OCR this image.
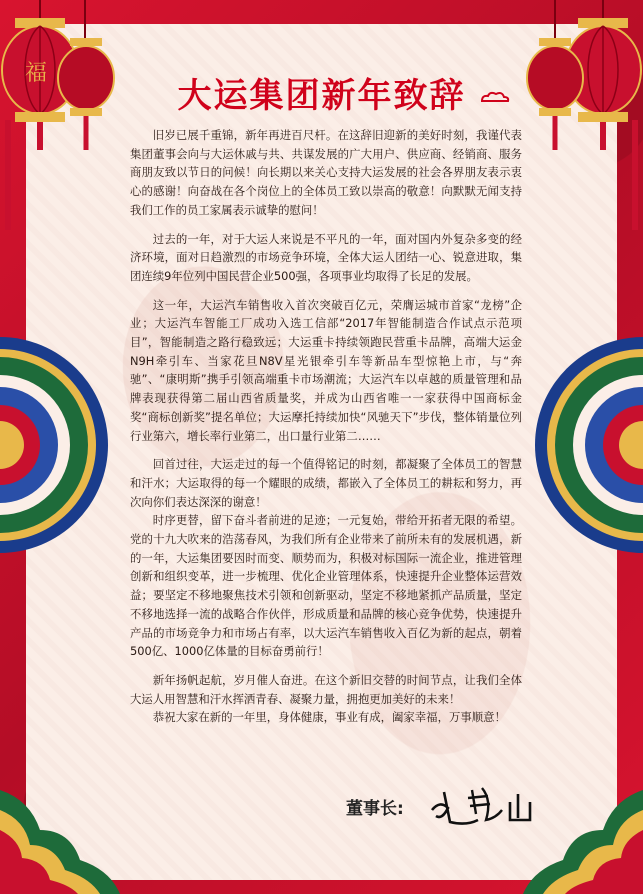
福
大运集团新年致辞

旧岁已展千重锦，新年再进百尺杆。在这辞旧迎新的美好时刻，我谨代表集团董事会向与大运休戚与共、共谋发展的广大用户、供应商、经销商、服务商朋友致以节日的问候！向长期以来关心支持大运发展的社会各界朋友表示衷心的感谢！向奋战在各个岗位上的全体员工致以崇高的敬意！向默默无闻支持我们工作的员工家属表示诚挚的慰问！

过去的一年，对于大运人来说是不平凡的一年，面对国内外复杂多变的经济环境，面对日趋激烈的市场竞争环境，全体大运人团结一心、锐意进取，集团连续9年位列中国民营企业500强，各项事业均取得了长足的发展。

这一年，大运汽车销售收入首次突破百亿元，荣膺运城市首家“龙榜”企业；大运汽车智能工厂成功入选工信部“2017年智能制造合作试点示范项目”，智能制造之路行稳致远；大运重卡持续领跑民营重卡品牌，高端大运金N9H牵引车、当家花旦N8V星光银牵引车等新品车型惊艳上市，与“奔驰”、“康明斯”携手引领高端重卡市场潮流；大运汽车以卓越的质量管理和品牌表现获得第二届山西省质量奖，并成为山西省唯一一家获得中国商标金奖“商标创新奖”提名单位；大运摩托持续加快“风驰天下”步伐，整体销量位列行业第六，增长率行业第二，出口量行业第二……

回首过往，大运走过的每一个值得铭记的时刻，都凝聚了全体员工的智慧和汗水；大运取得的每一个耀眼的成绩，都嵌入了全体员工的耕耘和努力，再次向你们表达深深的谢意！

时序更替，留下奋斗者前进的足迹；一元复始，带给开拓者无限的希望。党的十九大吹来的浩荡春风，为我们所有企业带来了前所未有的发展机遇，新的一年，大运集团要因时而变、顺势而为，积极对标国际一流企业，推进管理创新和组织变革，进一步梳理、优化企业管理体系，快速提升企业整体运营效益；要坚定不移地聚焦技术引领和创新驱动，坚定不移地紧抓产品质量，坚定不移地选择一流的战略合作伙伴，形成质量和品牌的核心竞争优势，快速提升产品的市场竞争力和市场占有率，以大运汽车销售收入百亿为新的起点，朝着500亿、1000亿体量的目标奋勇前行！

新年扬帆起航，岁月催人奋进。在这个新旧交替的时间节点，让我们全体大运人用智慧和汗水挥洒青春、凝聚力量，拥抱更加美好的未来！

恭祝大家在新的一年里，身体健康，事业有成，阖家幸福，万事顺意！

董事长:
